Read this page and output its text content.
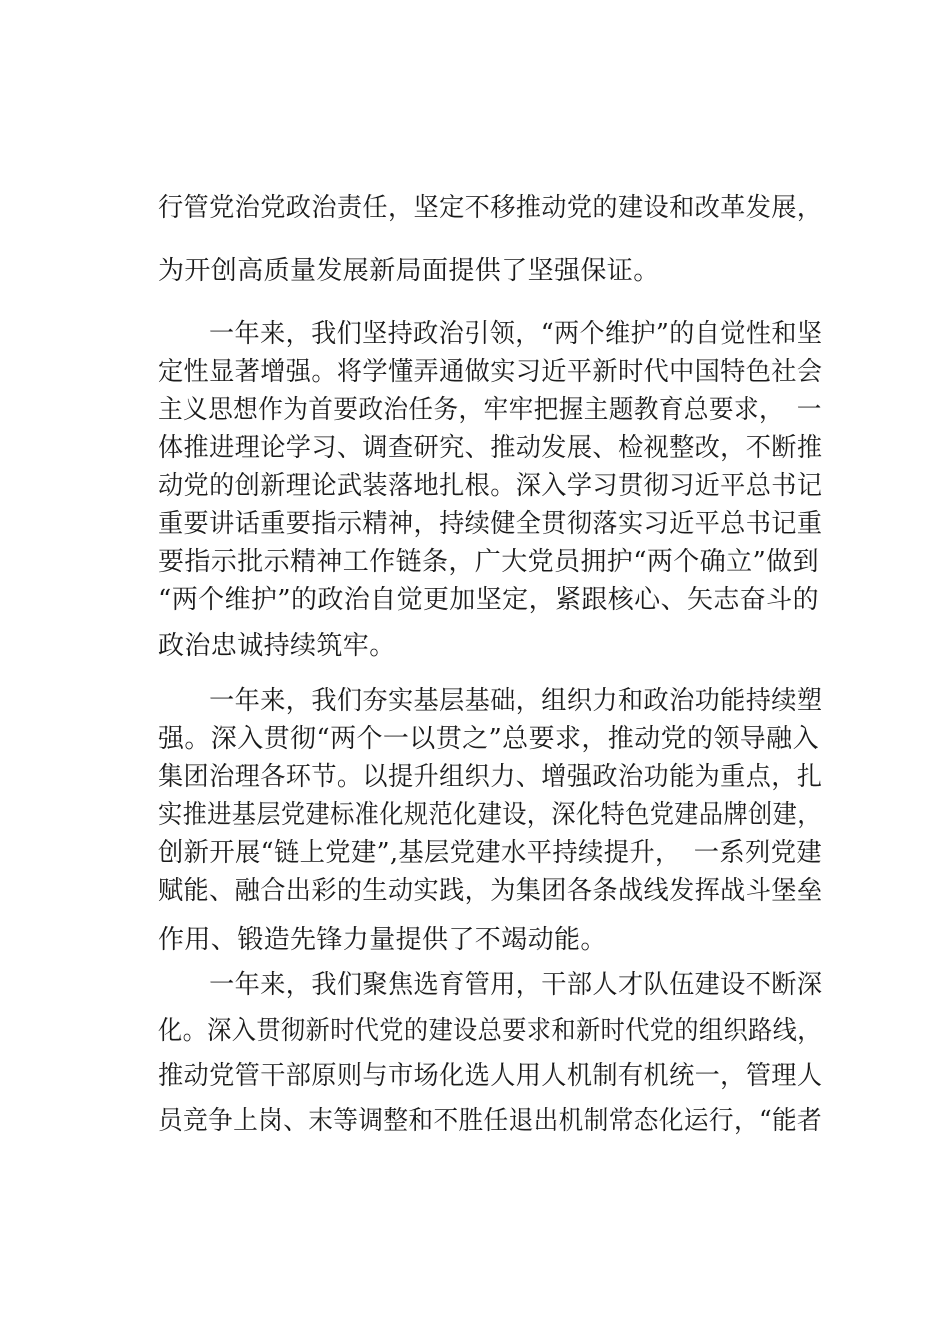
行管党治党政治责任，坚定不移推动党的建设和改革发展，
为开创高质量发展新局面提供了坚强保证。
　　一年来，我们坚持政治引领，“两个维护”的自觉性和坚
定性显著增强。将学懂弄通做实习近平新时代中国特色社会
主义思想作为首要政治任务，牢牢把握主题教育总要求，　一
体推进理论学习、调查研究、推动发展、检视整改，不断推
动党的创新理论武装落地扎根。深入学习贯彻习近平总书记
重要讲话重要指示精神，持续健全贯彻落实习近平总书记重
要指示批示精神工作链条，广大党员拥护“两个确立”做到
“两个维护”的政治自觉更加坚定，紧跟核心、矢志奋斗的
政治忠诚持续筑牢。
　　一年来，我们夯实基层基础，组织力和政治功能持续塑
强。深入贯彻“两个一以贯之”总要求，推动党的领导融入
集团治理各环节。以提升组织力、增强政治功能为重点，扎
实推进基层党建标准化规范化建设，深化特色党建品牌创建，
创新开展“链上党建”,基层党建水平持续提升，　一系列党建
赋能、融合出彩的生动实践，为集团各条战线发挥战斗堡垒
作用、锻造先锋力量提供了不竭动能。
　　一年来，我们聚焦选育管用，干部人才队伍建设不断深
化。深入贯彻新时代党的建设总要求和新时代党的组织路线，
推动党管干部原则与市场化选人用人机制有机统一，管理人
员竞争上岗、末等调整和不胜任退出机制常态化运行，“能者
